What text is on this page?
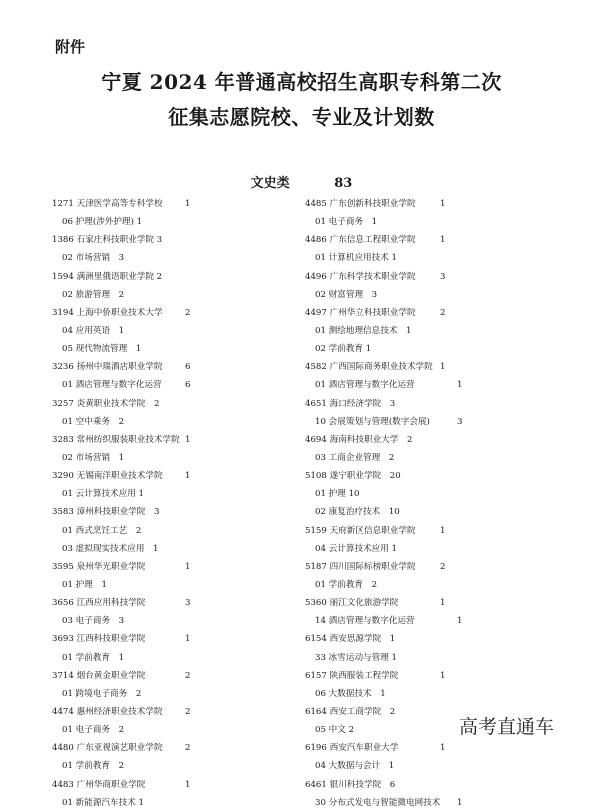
附件

宁夏 2024 年普通高校招生高职专科第二次
征集志愿院校、专业及计划数
文史类	83
1271 天津医学高等专科学校	1
06 护理(涉外护理) 1
1386 石家庄科技职业学院 3
02 市场营销　3
1594 满洲里俄语职业学院 2
02 旅游管理　2
3194 上海中侨职业技术大学	2
04 应用英语　1
05 现代物流管理　1
3236 扬州中瑞酒店职业学院	6
01 酒店管理与数字化运营	6
3257 炎黄职业技术学院　2
01 空中乘务　2
3283 常州纺织服装职业技术学院 1
02 市场营销　1
3290 无锡南洋职业技术学院	1
01 云计算技术应用 1
3583 漳州科技职业学院　3
01 西式烹饪工艺　2
03 虚拟现实技术应用　1
3595 泉州华光职业学院	1
01 护理　1
3656 江西应用科技学院	3
03 电子商务　3
3693 江西科技职业学院	1
01 学前教育　1
3714 烟台黄金职业学院	2
01 跨境电子商务　2
4474 惠州经济职业技术学院	2
01 电子商务　2
4480 广东亚视演艺职业学院	2
01 学前教育　2
4483 广州华商职业学院	1
01 新能源汽车技术 1
4485 广东创新科技职业学院	1
01 电子商务　1
4486 广东信息工程职业学院	1
01 计算机应用技术 1
4496 广东科学技术职业学院	3
02 财富管理　3
4497 广州华立科技职业学院	2
01 测绘地理信息技术　1
02 学前教育 1
4582 广西国际商务职业技术学院 1
01 酒店管理与数字化运营	1
4651 海口经济学院　3
10 会展策划与管理(数字会展)	3
4694 海南科技职业大学　2
03 工商企业管理　2
5108 遂宁职业学院　20
01 护理 10
02 康复治疗技术　10
5159 天府新区信息职业学院	1
04 云计算技术应用 1
5187 四川国际标榜职业学院	2
01 学前教育　2
5360 丽江文化旅游学院	1
14 酒店管理与数字化运营	1
6154 西安思源学院　1
33 冰雪运动与管理 1
6157 陕西服装工程学院	1
06 大数据技术　1
6164 西安工商学院　2
05 中文 2
6196 西安汽车职业大学	1
04 大数据与会计　1
6461 银川科技学院　6
30 分布式发电与智能微电网技术 1

高考直通车
